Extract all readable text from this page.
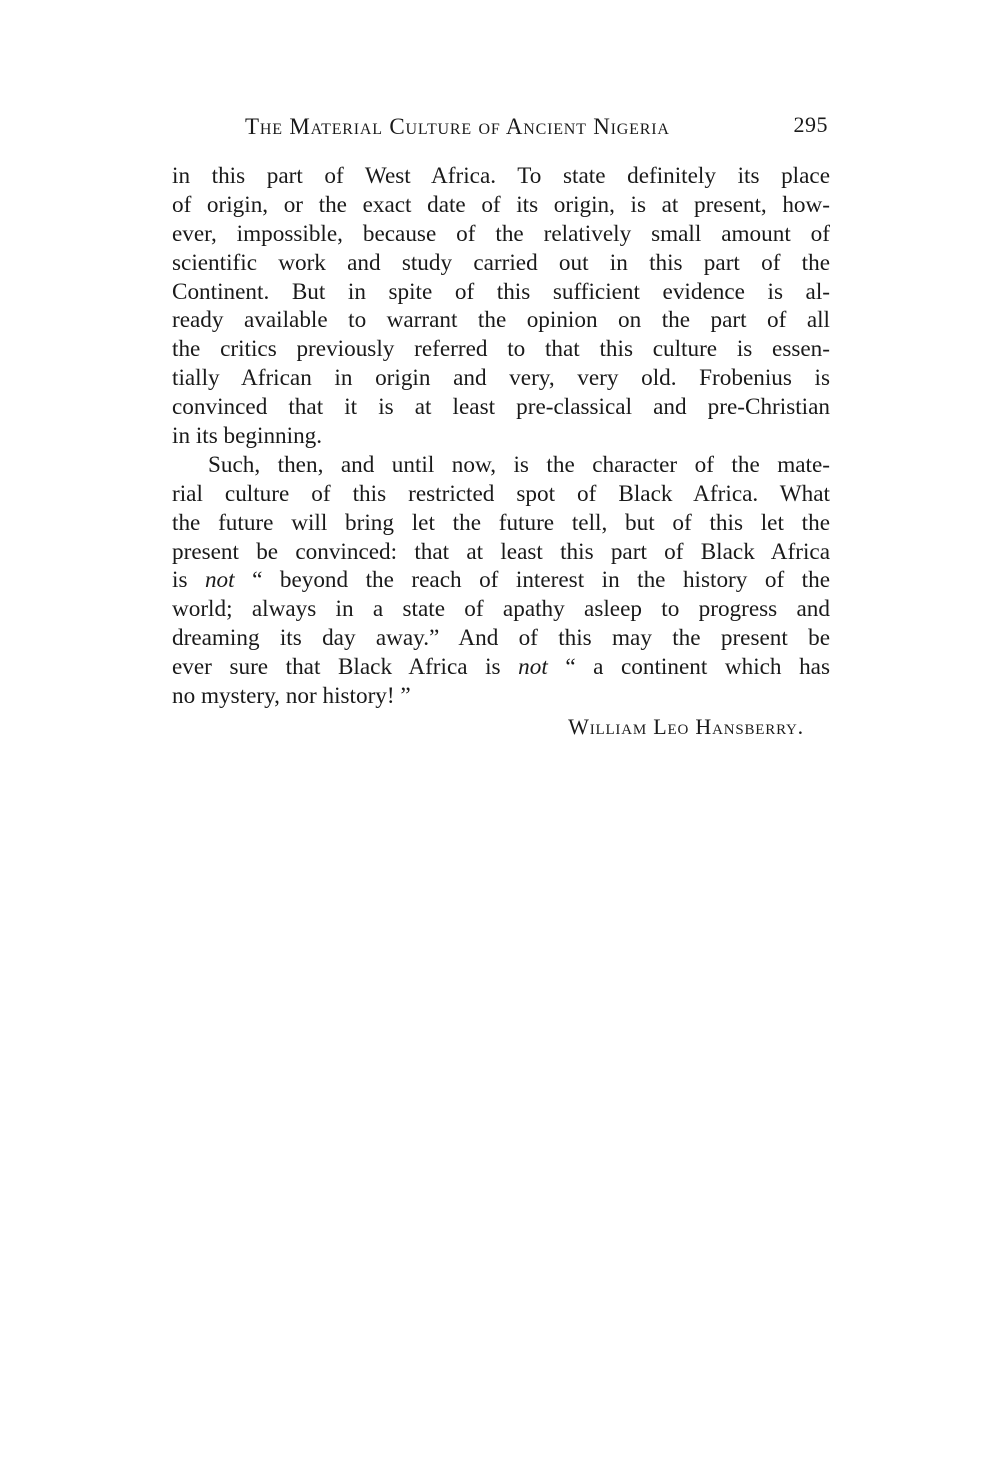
The Material Culture of Ancient Nigeria	295
in this part of West Africa. To state definitely its place
of origin, or the exact date of its origin, is at present, how-
ever, impossible, because of the relatively small amount of
scientific work and study carried out in this part of the
Continent. But in spite of this sufficient evidence is al-
ready available to warrant the opinion on the part of all
the critics previously referred to that this culture is essen-
tially African in origin and very, very old. Frobenius is
convinced that it is at least pre-classical and pre-Christian
in its beginning.
Such, then, and until now, is the character of the mate-
rial culture of this restricted spot of Black Africa. What
the future will bring let the future tell, but of this let the
present be convinced: that at least this part of Black Africa
is not “ beyond the reach of interest in the history of the
world; always in a state of apathy asleep to progress and
dreaming its day away.” And of this may the present be
ever sure that Black Africa is not “ a continent which has
no mystery, nor history! ”
William Leo Hansberry.
